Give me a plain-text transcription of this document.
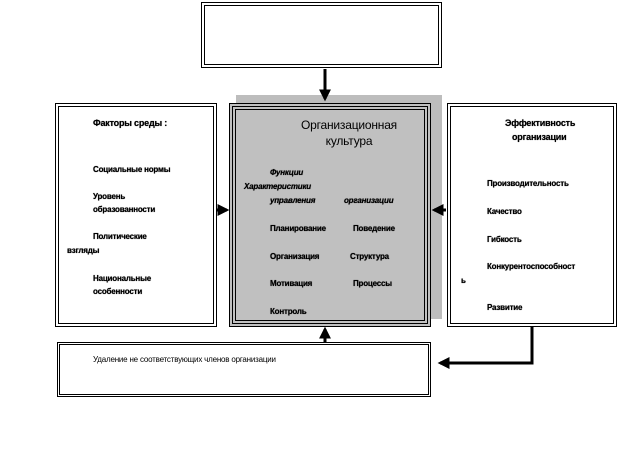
Факторы среды :
Социальные нормы
Уровень
образованности
Политические
взгляды
Национальные
особенности
Организационная
культура
Функции
Характеристики
управления	организации
Планирование	Поведение
Организация	Структура
Мотивация	Процессы
Контроль
Эффективность
организации
Производительность
Качество
Гибкость
Конкурентоспособност
ь
Развитие
Удаление не соответствующих членов организации
